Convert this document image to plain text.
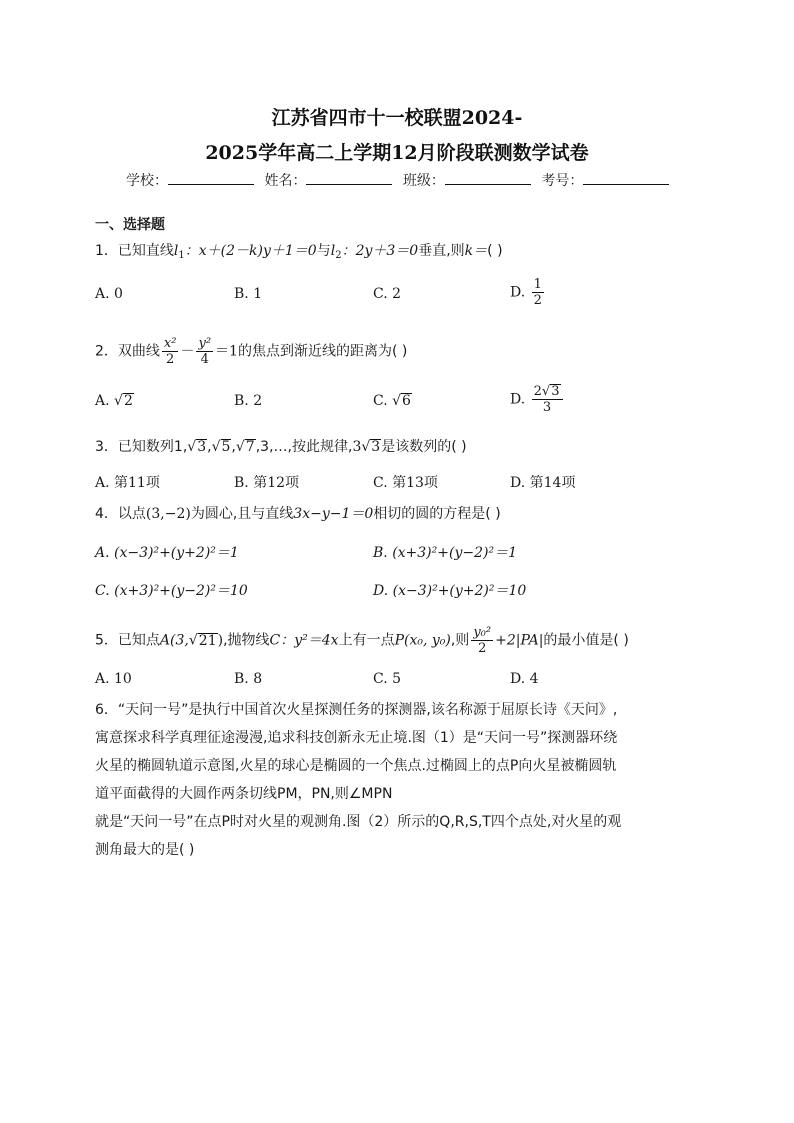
江苏省四市十一校联盟2024-
2025学年高二上学期12月阶段联测数学试卷
学校：	姓名：	班级：	考号：
一、选择题
1．已知直线$l_1$：x＋(2－k)y＋1＝0与$l_2$：2y＋3＝0垂直,则k＝( )
A. 0	B. 1	C. 2	D. $\frac{1}{2}$
2．双曲线 $\frac{\text{x²}}{2} - \frac{\text{y²}}{4} =1$的焦点到渐近线的距离为( )
A. √2	B. 2	C. √6	D. $\frac{2√3}{3}$
3．已知数列1,√3,√5,√7,3,…,按此规律,3√3是该数列的( )
A. 第11项	B. 第12项	C. 第13项	D. 第14项
4．以点(3,−2)为圆心,且与直线3x−y−1＝0相切的圆的方程是( )
A. (x−3)²+(y+2)²＝1	B. (x+3)²+(y−2)²＝1
C. (x+3)²+(y−2)²＝10	D. (x−3)²+(y+2)²＝10
5．已知点A(3,√21),抛物线C：y²＝4x上有一点P(x₀, y₀),则 $\frac{\text{y₀²}}{2} +2|PA|$的最小值是( )
A. 10	B. 8	C. 5	D. 4
6．“天问一号”是执行中国首次火星探测任务的探测器,该名称源于屈原长诗《天问》,
寓意探求科学真理征途漫漫,追求科技创新永无止境.图（1）是“天问一号”探测器环绕
火星的椭圆轨道示意图,火星的球心是椭圆的一个焦点.过椭圆上的点P向火星被椭圆轨
道平面截得的大圆作两条切线PM，PN,则∠MPN
就是“天问一号”在点P时对火星的观测角.图（2）所示的Q,R,S,T四个点处,对火星的观
测角最大的是( )
